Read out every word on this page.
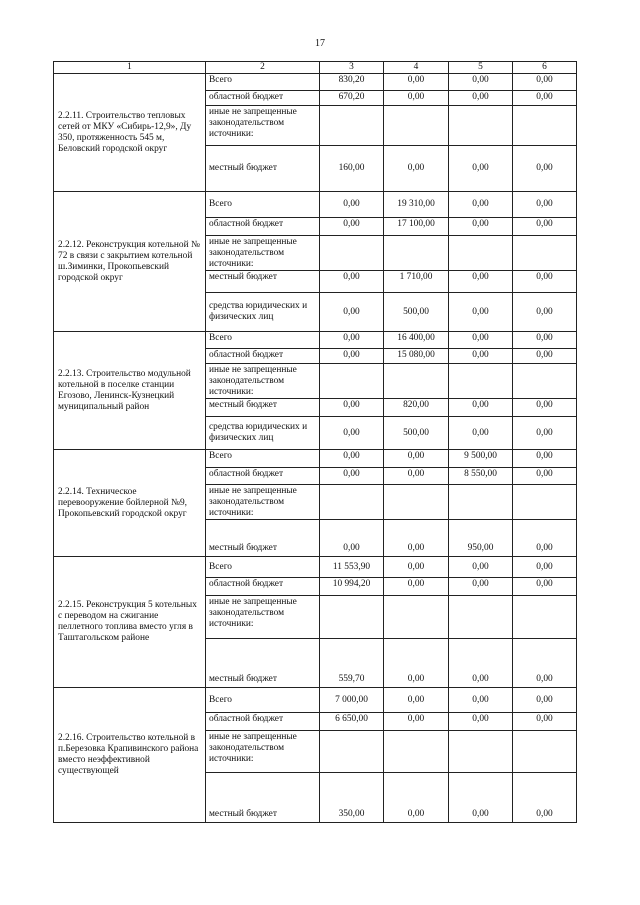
17
1	2	3	4	5	6
2.2.11. Строительство тепловых сетей от МКУ «Сибирь-12,9», Ду 350, протяженность 545 м, Беловский городской округ	Всего	830,20	0,00	0,00	0,00
	областной бюджет	670,20	0,00	0,00	0,00
	иные не запрещенные законодательством источники:				
	местный бюджет	160,00	0,00	0,00	0,00
2.2.12. Реконструкция котельной № 72 в связи с закрытием котельной ш.Зиминки, Прокопьевский городской округ	Всего	0,00	19 310,00	0,00	0,00
	областной бюджет	0,00	17 100,00	0,00	0,00
	иные не запрещенные законодательством источники:				
	местный бюджет	0,00	1 710,00	0,00	0,00
	средства юридических и физических лиц	0,00	500,00	0,00	0,00
2.2.13. Строительство модульной котельной в поселке станции Егозово, Ленинск-Кузнецкий муниципальный район	Всего	0,00	16 400,00	0,00	0,00
	областной бюджет	0,00	15 080,00	0,00	0,00
	иные не запрещенные законодательством источники:				
	местный бюджет	0,00	820,00	0,00	0,00
	средства юридических и физических лиц	0,00	500,00	0,00	0,00
2.2.14. Техническое перевооружение бойлерной №9, Прокопьевский городской округ	Всего	0,00	0,00	9 500,00	0,00
	областной бюджет	0,00	0,00	8 550,00	0,00
	иные не запрещенные законодательством источники:				
	местный бюджет	0,00	0,00	950,00	0,00
2.2.15. Реконструкция 5 котельных с переводом на сжигание пеллетного топлива вместо угля в Таштагольском районе	Всего	11 553,90	0,00	0,00	0,00
	областной бюджет	10 994,20	0,00	0,00	0,00
	иные не запрещенные законодательством источники:				
	местный бюджет	559,70	0,00	0,00	0,00
2.2.16. Строительство котельной в п.Березовка Крапивинского района вместо неэффективной существующей	Всего	7 000,00	0,00	0,00	0,00
	областной бюджет	6 650,00	0,00	0,00	0,00
	иные не запрещенные законодательством источники:				
	местный бюджет	350,00	0,00	0,00	0,00
